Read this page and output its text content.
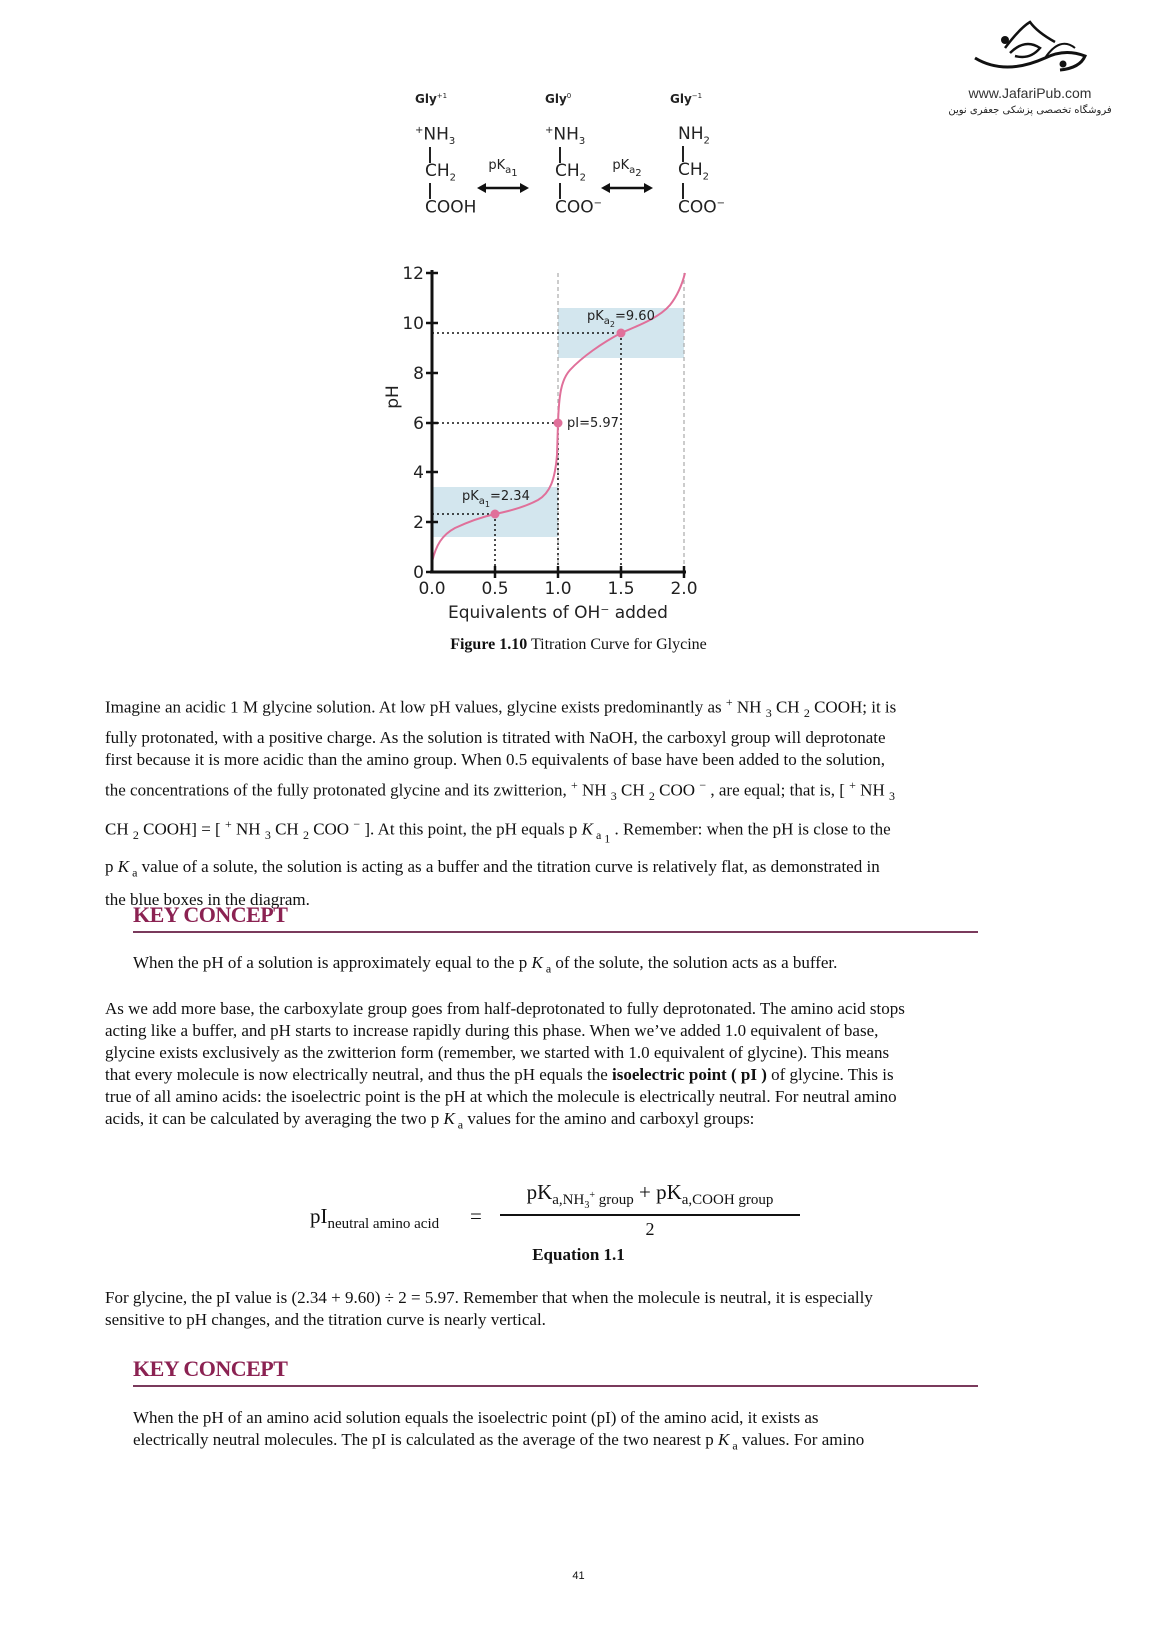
www.JafariPub.com
فروشگاه تخصصی پزشکی جعفری نوین
Gly$^{+1}$
$^+NH_3$
$CH_2$
COOH
$pK_{a_1}$
Gly$^0$
$^+NH_3$
$CH_2$
COO−
$pK_{a_2}$
Gly$^{-1}$
$NH_2$
$CH_2$
COO−
0
2
4
6
8
10
12
0.0 0.5 1.0 1.5 2.0
Equivalents of OH⁻ added
pH
$pK_{a1}=2.34$
pI=5.97
$pK_{a2}=9.60$
Figure 1.10 Titration Curve for Glycine
Imagine an acidic 1 M glycine solution. At low pH values, glycine exists predominantly as + NH $_3$ CH $_2$ COOH; it is
fully protonated, with a positive charge. As the solution is titrated with NaOH, the carboxyl group will deprotonate
first because it is more acidic than the amino group. When 0.5 equivalents of base have been added to the solution,
the concentrations of the fully protonated glycine and its zwitterion, + NH $_3$ CH $_2$ COO − , are equal; that is, [ + NH $_3$
CH $_2$ COOH] = [ + NH $_3$ CH $_2$ COO − ]. At this point, the pH equals p K $_{a _1}$ . Remember: when the pH is close to the
p K $_a$ value of a solute, the solution is acting as a buffer and the titration curve is relatively flat, as demonstrated in
the blue boxes in the diagram.
KEY CONCEPT
When the pH of a solution is approximately equal to the p K $_a$ of the solute, the solution acts as a buffer.
As we add more base, the carboxylate group goes from half-deprotonated to fully deprotonated. The amino acid stops
acting like a buffer, and pH starts to increase rapidly during this phase. When we’ve added 1.0 equivalent of base,
glycine exists exclusively as the zwitterion form (remember, we started with 1.0 equivalent of glycine). This means
that every molecule is now electrically neutral, and thus the pH equals the isoelectric point ( pI ) of glycine. This is
true of all amino acids: the isoelectric point is the pH at which the molecule is electrically neutral. For neutral amino
acids, it can be calculated by averaging the two p K $_a$ values for the amino and carboxyl groups:
$pI_{neutral amino acid}$ =
$pK_{a,NH_3^+ group} + pK_{a,COOH group}$
2
Equation 1.1
For glycine, the pI value is (2.34 + 9.60) ÷ 2 = 5.97. Remember that when the molecule is neutral, it is especially
sensitive to pH changes, and the titration curve is nearly vertical.
KEY CONCEPT
When the pH of an amino acid solution equals the isoelectric point (pI) of the amino acid, it exists as
electrically neutral molecules. The pI is calculated as the average of the two nearest p K $_a$ values. For amino
41
